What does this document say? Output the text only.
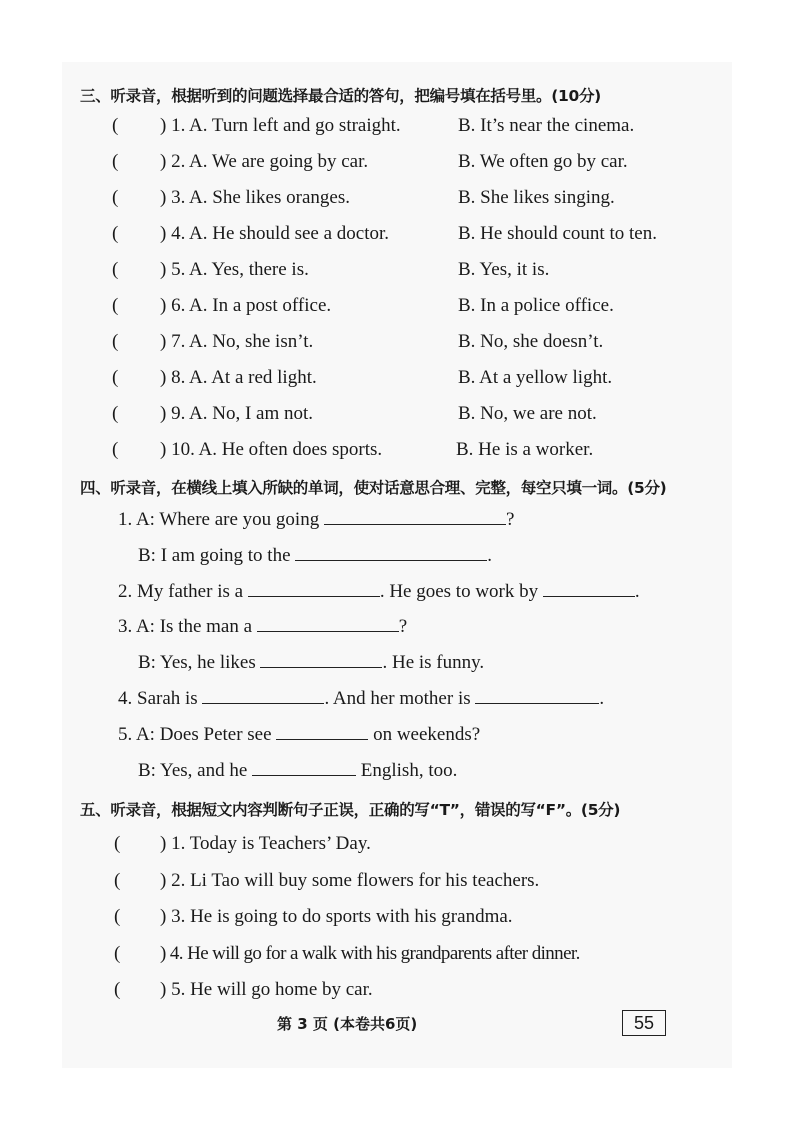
三、听录音，根据听到的问题选择最合适的答句，把编号填在括号里。(10分)
( ) 1. A. Turn left and go straight.	B. It’s near the cinema.
( ) 2. A. We are going by car.	B. We often go by car.
( ) 3. A. She likes oranges.	B. She likes singing.
( ) 4. A. He should see a doctor.	B. He should count to ten.
( ) 5. A. Yes, there is.	B. Yes, it is.
( ) 6. A. In a post office.	B. In a police office.
( ) 7. A. No, she isn’t.	B. No, she doesn’t.
( ) 8. A. At a red light.	B. At a yellow light.
( ) 9. A. No, I am not.	B. No, we are not.
( ) 10. A. He often does sports.	B. He is a worker.
四、听录音，在横线上填入所缺的单词，使对话意思合理、完整，每空只填一词。(5分)
1. A: Where are you going	?
B: I am going to the	.
2. My father is a	. He goes to work by	.
3. A: Is the man a	?
B: Yes, he likes	. He is funny.
4. Sarah is	. And her mother is	.
5. A: Does Peter see	on weekends?
B: Yes, and he	English, too.
五、听录音，根据短文内容判断句子正误，正确的写“T”，错误的写“F”。(5分)
( ) 1. Today is Teachers’ Day.
( ) 2. Li Tao will buy some flowers for his teachers.
( ) 3. He is going to do sports with his grandma.
( ) 4. He will go for a walk with his grandparents after dinner.
( ) 5. He will go home by car.
第 3 页 (本卷共6页)	55
